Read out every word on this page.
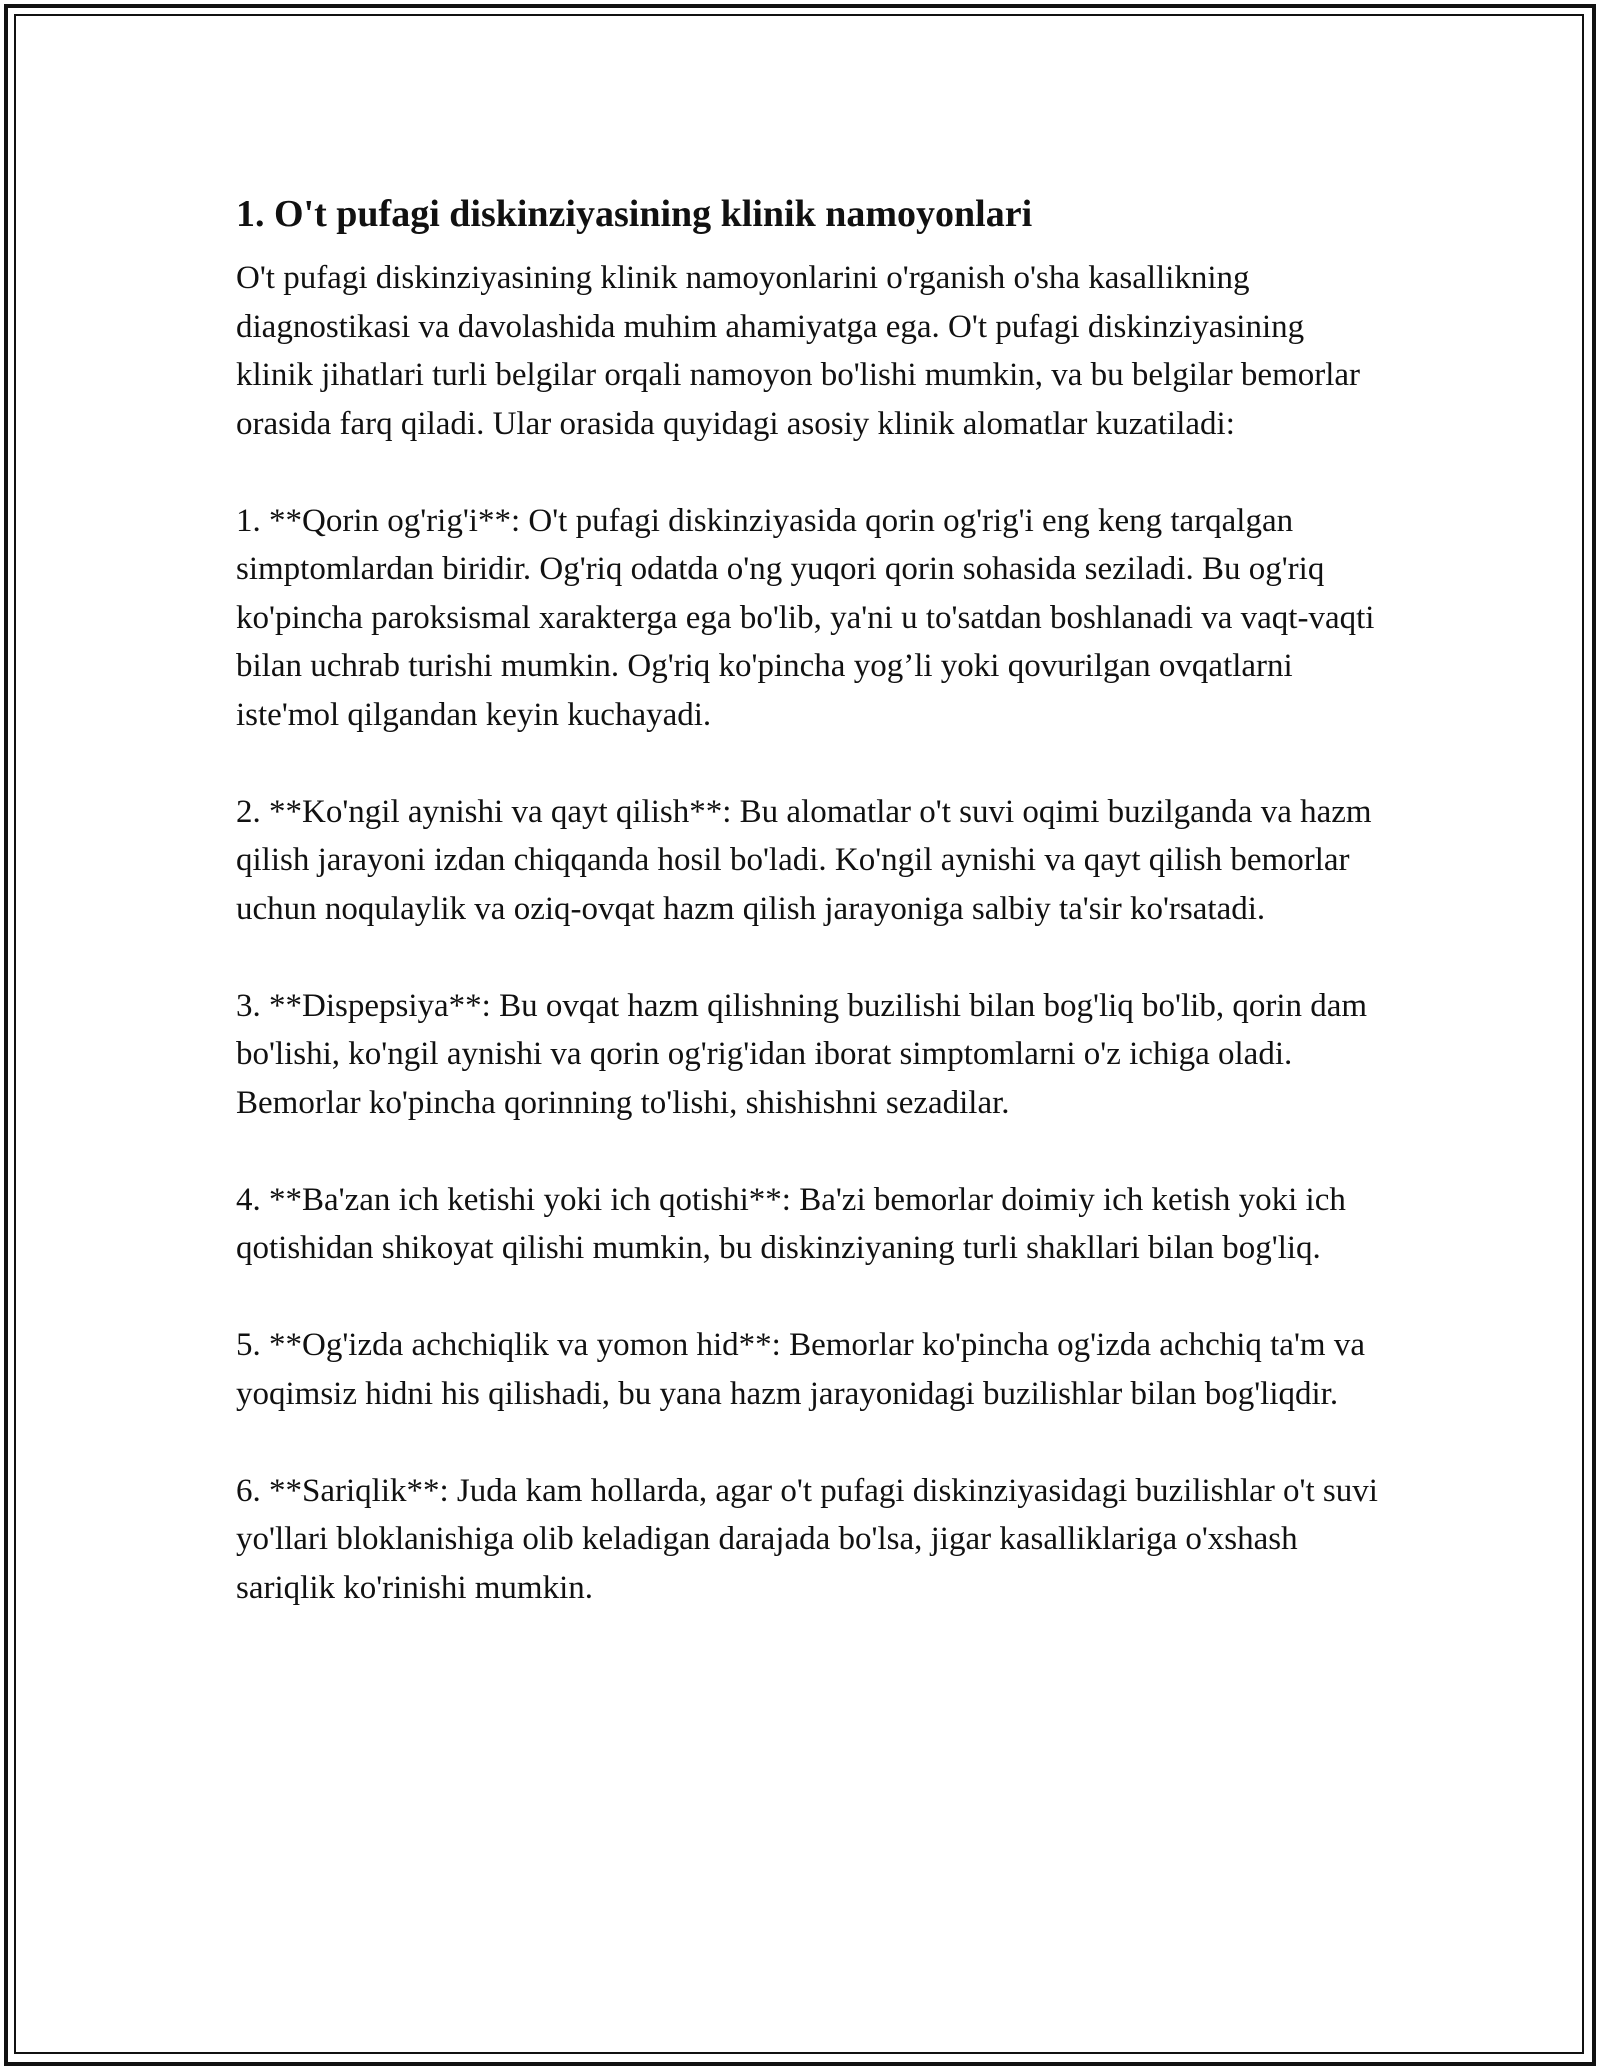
1. O't pufagi diskinziyasining klinik namoyonlari

O't pufagi diskinziyasining klinik namoyonlarini o'rganish o'sha kasallikning diagnostikasi va davolashida muhim ahamiyatga ega. O't pufagi diskinziyasining klinik jihatlari turli belgilar orqali namoyon bo'lishi mumkin, va bu belgilar bemorlar orasida farq qiladi. Ular orasida quyidagi asosiy klinik alomatlar kuzatiladi:

1. **Qorin og'rig'i**: O't pufagi diskinziyasida qorin og'rig'i eng keng tarqalgan simptomlardan biridir. Og'riq odatda o'ng yuqori qorin sohasida seziladi. Bu og'riq ko'pincha paroksismal xarakterga ega bo'lib, ya'ni u to'satdan boshlanadi va vaqt-vaqti bilan uchrab turishi mumkin. Og'riq ko'pincha yog’li yoki qovurilgan ovqatlarni iste'mol qilgandan keyin kuchayadi.

2. **Ko'ngil aynishi va qayt qilish**: Bu alomatlar o't suvi oqimi buzilganda va hazm qilish jarayoni izdan chiqqanda hosil bo'ladi. Ko'ngil aynishi va qayt qilish bemorlar uchun noqulaylik va oziq-ovqat hazm qilish jarayoniga salbiy ta'sir ko'rsatadi.

3. **Dispepsiya**: Bu ovqat hazm qilishning buzilishi bilan bog'liq bo'lib, qorin dam bo'lishi, ko'ngil aynishi va qorin og'rig'idan iborat simptomlarni o'z ichiga oladi. Bemorlar ko'pincha qorinning to'lishi, shishishni sezadilar.

4. **Ba'zan ich ketishi yoki ich qotishi**: Ba'zi bemorlar doimiy ich ketish yoki ich qotishidan shikoyat qilishi mumkin, bu diskinziyaning turli shakllari bilan bog'liq.

5. **Og'izda achchiqlik va yomon hid**: Bemorlar ko'pincha og'izda achchiq ta'm va yoqimsiz hidni his qilishadi, bu yana hazm jarayonidagi buzilishlar bilan bog'liqdir.

6. **Sariqlik**: Juda kam hollarda, agar o't pufagi diskinziyasidagi buzilishlar o't suvi yo'llari bloklanishiga olib keladigan darajada bo'lsa, jigar kasalliklariga o'xshash sariqlik ko'rinishi mumkin.
